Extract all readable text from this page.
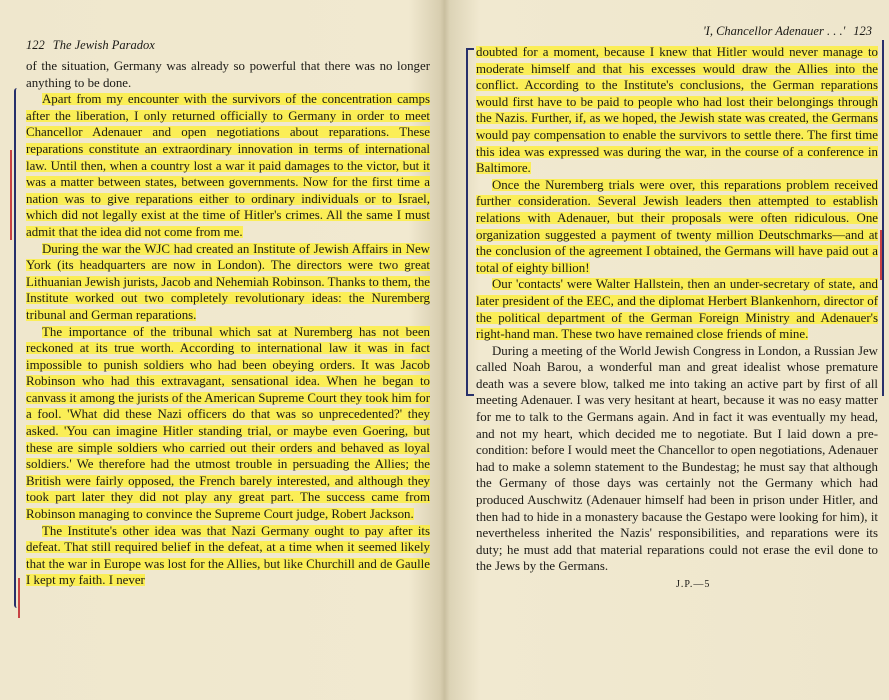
122 The Jewish Paradox

of the situation, Germany was already so powerful that there was no longer anything to be done.

Apart from my encounter with the survivors of the concentration camps after the liberation, I only returned officially to Germany in order to meet Chancellor Adenauer and open negotiations about reparations. These reparations constitute an extraordinary innovation in terms of international law. Until then, when a country lost a war it paid damages to the victor, but it was a matter between states, between governments. Now for the first time a nation was to give reparations either to ordinary individuals or to Israel, which did not legally exist at the time of Hitler's crimes. All the same I must admit that the idea did not come from me.

During the war the WJC had created an Institute of Jewish Affairs in New York (its headquarters are now in London). The directors were two great Lithuanian Jewish jurists, Jacob and Nehemiah Robinson. Thanks to them, the Institute worked out two completely revolutionary ideas: the Nuremberg tribunal and German reparations.

The importance of the tribunal which sat at Nuremberg has not been reckoned at its true worth. According to international law it was in fact impossible to punish soldiers who had been obeying orders. It was Jacob Robinson who had this extravagant, sensational idea. When he began to canvass it among the jurists of the American Supreme Court they took him for a fool. 'What did these Nazi officers do that was so unprecedented?' they asked. 'You can imagine Hitler standing trial, or maybe even Goering, but these are simple soldiers who carried out their orders and behaved as loyal soldiers.' We therefore had the utmost trouble in persuading the Allies; the British were fairly opposed, the French barely interested, and although they took part later they did not play any great part. The success came from Robinson managing to convince the Supreme Court judge, Robert Jackson.

The Institute's other idea was that Nazi Germany ought to pay after its defeat. That still required belief in the defeat, at a time when it seemed likely that the war in Europe was lost for the Allies, but like Churchill and de Gaulle I kept my faith. I never

'I, Chancellor Adenauer . . .' 123

doubted for a moment, because I knew that Hitler would never manage to moderate himself and that his excesses would draw the Allies into the conflict. According to the Institute's conclusions, the German reparations would first have to be paid to people who had lost their belongings through the Nazis. Further, if, as we hoped, the Jewish state was created, the Germans would pay compensation to enable the survivors to settle there. The first time this idea was expressed was during the war, in the course of a conference in Baltimore.

Once the Nuremberg trials were over, this reparations problem received further consideration. Several Jewish leaders then attempted to establish relations with Adenauer, but their proposals were often ridiculous. One organization suggested a payment of twenty million Deutschmarks—and at the conclusion of the agreement I obtained, the Germans will have paid out a total of eighty billion!

Our 'contacts' were Walter Hallstein, then an under-secretary of state, and later president of the EEC, and the diplomat Herbert Blankenhorn, director of the political department of the German Foreign Ministry and Adenauer's right-hand man. These two have remained close friends of mine.

During a meeting of the World Jewish Congress in London, a Russian Jew called Noah Barou, a wonderful man and great idealist whose premature death was a severe blow, talked me into taking an active part by first of all meeting Adenauer. I was very hesitant at heart, because it was no easy matter for me to talk to the Germans again. And in fact it was eventually my head, and not my heart, which decided me to negotiate. But I laid down a pre-condition: before I would meet the Chancellor to open negotiations, Adenauer had to make a solemn statement to the Bundestag; he must say that although the Germany of those days was certainly not the Germany which had produced Auschwitz (Adenauer himself had been in prison under Hitler, and then had to hide in a monastery bacause the Gestapo were looking for him), it nevertheless inherited the Nazis' responsibilities, and reparations were its duty; he must add that material reparations could not erase the evil done to the Jews by the Germans.

J.P.—5
